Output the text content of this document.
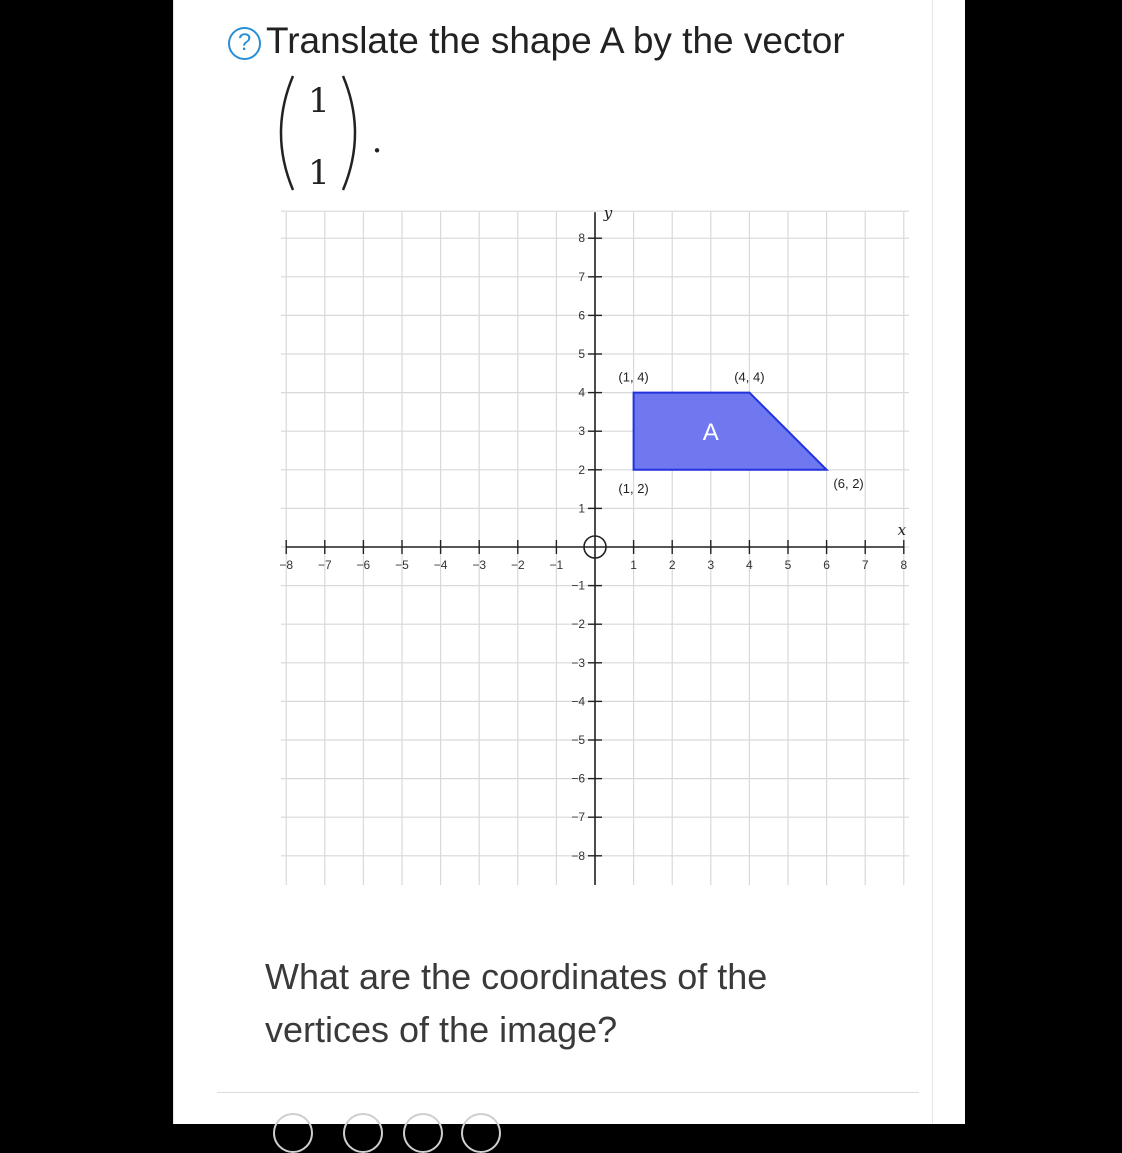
? Translate the shape A by the vector
1
1
.
x
y
A
−8 −7 −6 −5 −4 −3 −2 −1	1	2	3	4	5	6	7	8
8
7
6
5
4
3
2
1
−1
−2
−3
−4
−5
−6
−7
−8
(1, 4)	(4, 4)
(1, 2)	(6, 2)
What are the coordinates of the vertices of the image?
